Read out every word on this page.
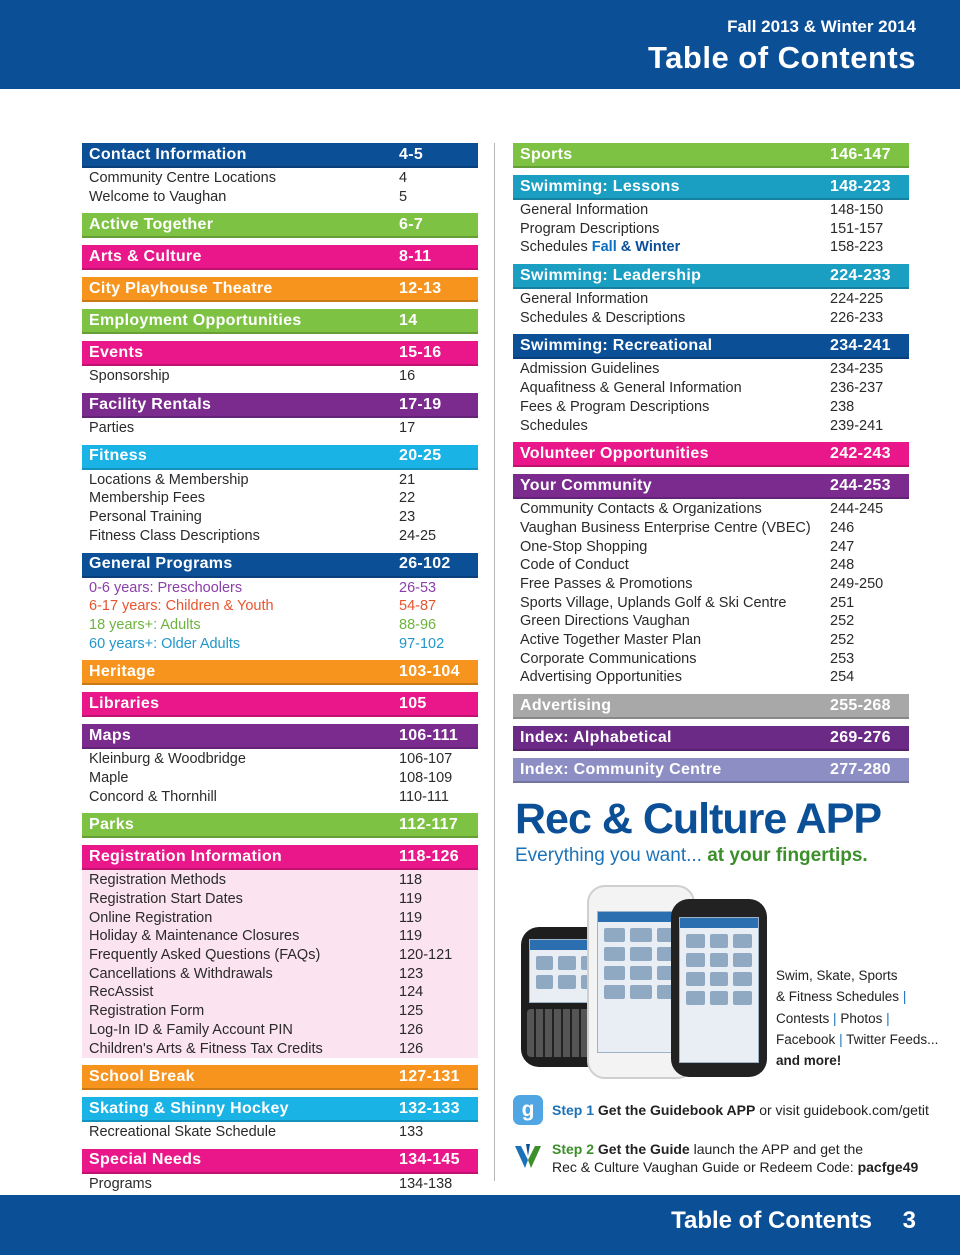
Fall 2013 & Winter 2014
Table of Contents
Contact Information	4-5
Community Centre Locations	4
Welcome to Vaughan	5
Active Together	6-7
Arts & Culture	8-11
City Playhouse Theatre	12-13
Employment Opportunities	14
Events	15-16
Sponsorship	16
Facility Rentals	17-19
Parties	17
Fitness	20-25
Locations & Membership	21
Membership Fees	22
Personal Training	23
Fitness Class Descriptions	24-25
General Programs	26-102
0-6 years: Preschoolers	26-53
6-17 years: Children & Youth	54-87
18 years+: Adults	88-96
60 years+: Older Adults	97-102
Heritage	103-104
Libraries	105
Maps	106-111
Kleinburg & Woodbridge	106-107
Maple	108-109
Concord & Thornhill	110-111
Parks	112-117
Registration Information	118-126
Registration Methods	118
Registration Start Dates	119
Online Registration	119
Holiday & Maintenance Closures	119
Frequently Asked Questions (FAQs)	120-121
Cancellations & Withdrawals	123
RecAssist	124
Registration Form	125
Log-In ID & Family Account PIN	126
Children's Arts & Fitness Tax Credits	126
School Break	127-131
Skating & Shinny Hockey	132-133
Recreational Skate Schedule	133
Special Needs	134-145
Programs	134-138
Sports	146-147
Swimming: Lessons	148-223
General Information	148-150
Program Descriptions	151-157
Schedules Fall & Winter	158-223
Swimming: Leadership	224-233
General Information	224-225
Schedules & Descriptions	226-233
Swimming: Recreational	234-241
Admission Guidelines	234-235
Aquafitness & General Information	236-237
Fees & Program Descriptions	238
Schedules	239-241
Volunteer Opportunities	242-243
Your Community	244-253
Community Contacts & Organizations	244-245
Vaughan Business Enterprise Centre (VBEC) 246
One-Stop Shopping	247
Code of Conduct	248
Free Passes & Promotions	249-250
Sports Village, Uplands Golf & Ski Centre	251
Green Directions Vaughan	252
Active Together Master Plan	252
Corporate Communications	253
Advertising Opportunities	254
Advertising	255-268
Index: Alphabetical	269-276
Index: Community Centre	277-280
Rec & Culture APP
Everything you want... at your fingertips.
Swim, Skate, Sports
& Fitness Schedules |
Contests | Photos |
Facebook | Twitter Feeds...
and more!
g	Step 1 Get the Guidebook APP or visit guidebook.com/getit
Step 2 Get the Guide launch the APP and get the
Rec & Culture Vaughan Guide or Redeem Code: pacfge49
Table of Contents 3
